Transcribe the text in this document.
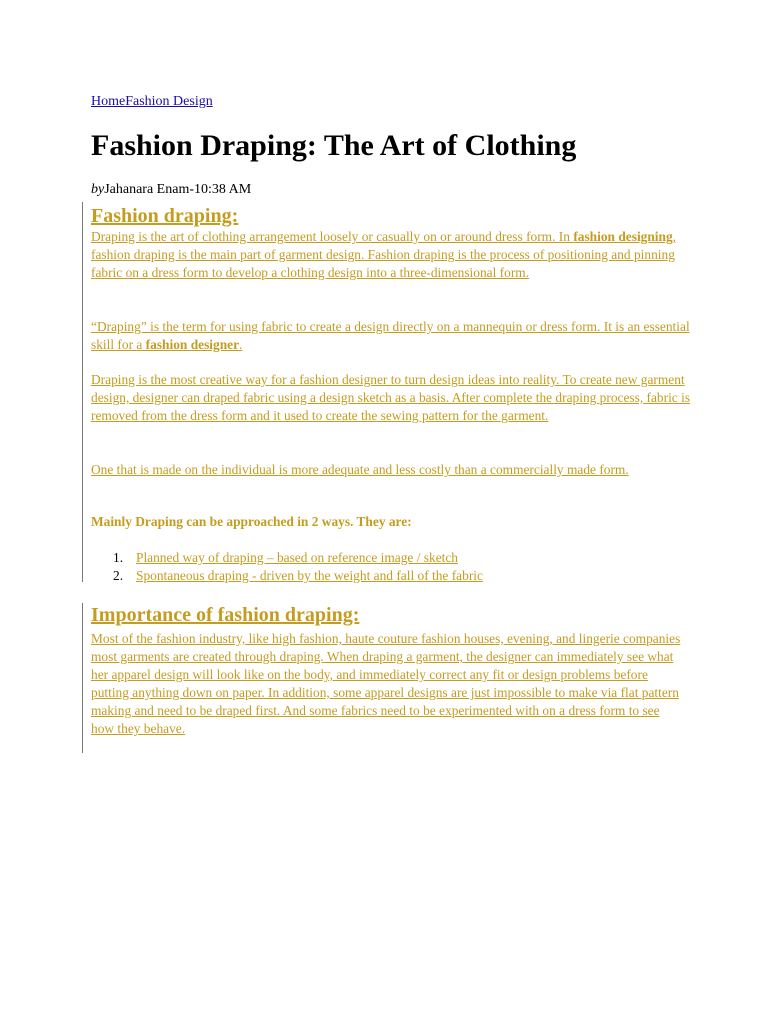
HomeFashion Design
Fashion Draping: The Art of Clothing
byJahanara Enam-10:38 AM
Fashion draping:

Draping is the art of clothing arrangement loosely or casually on or around dress form. In fashion designing, fashion draping is the main part of garment design. Fashion draping is the process of positioning and pinning fabric on a dress form to develop a clothing design into a three-dimensional form.

“Draping” is the term for using fabric to create a design directly on a mannequin or dress form. It is an essential skill for a fashion designer.

Draping is the most creative way for a fashion designer to turn design ideas into reality. To create new garment design, designer can draped fabric using a design sketch as a basis. After complete the draping process, fabric is removed from the dress form and it used to create the sewing pattern for the garment.

One that is made on the individual is more adequate and less costly than a commercially made form.

Mainly Draping can be approached in 2 ways. They are:

1. Planned way of draping – based on reference image / sketch
2. Spontaneous draping - driven by the weight and fall of the fabric
Importance of fashion draping:

Most of the fashion industry, like high fashion, haute couture fashion houses, evening, and lingerie companies most garments are created through draping. When draping a garment, the designer can immediately see what her apparel design will look like on the body, and immediately correct any fit or design problems before putting anything down on paper. In addition, some apparel designs are just impossible to make via flat pattern making and need to be draped first. And some fabrics need to be experimented with on a dress form to see how they behave.
